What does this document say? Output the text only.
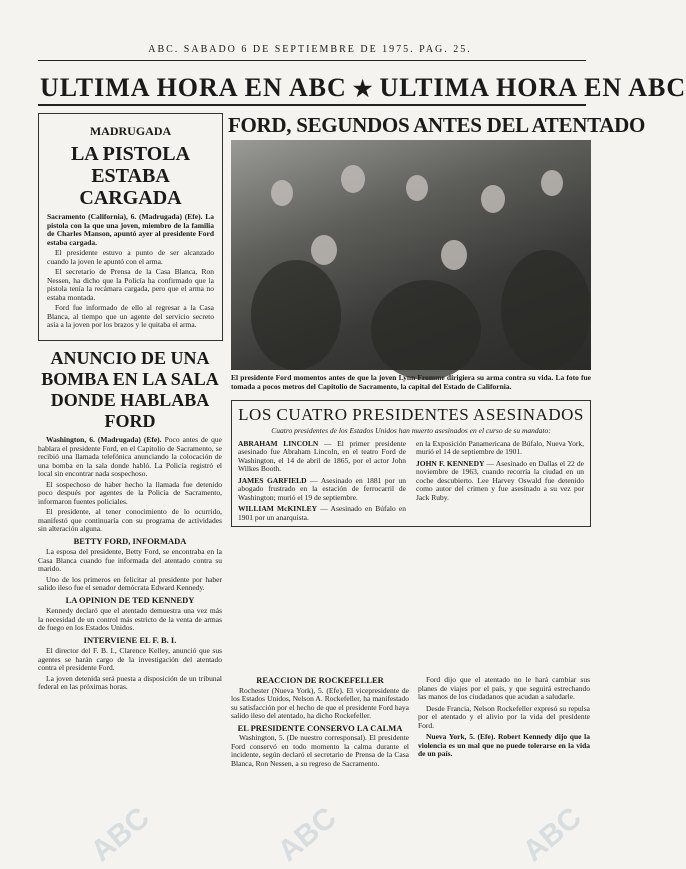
ABC. SABADO 6 DE SEPTIEMBRE DE 1975. PAG. 25.
ULTIMA HORA EN ABC ★ ULTIMA HORA EN ABC
MADRUGADA
LA PISTOLA ESTABA CARGADA

Sacramento (California), 6. (Madrugada) (Efe). La pistola con la que una joven, miembro de la familia de Charles Manson, apuntó ayer al presidente Ford estaba cargada.

El presidente estuvo a punto de ser alcanzado cuando la joven le apuntó con el arma.

El secretario de Prensa de la Casa Blanca, Ron Nessen, ha dicho que la Policía ha confirmado que la pistola tenía la recámara cargada, pero que el arma no estaba montada.

Ford fue informado de ello al regresar a la Casa Blanca, al tiempo que un agente del servicio secreto asía a la joven por los brazos y le quitaba el arma.

ANUNCIO DE UNA BOMBA EN LA SALA DONDE HABLABA FORD

Washington, 6. (Madrugada) (Efe). Poco antes de que hablara el presidente Ford, en el Capitolio de Sacramento, se recibió una llamada telefónica anunciando la colocación de una bomba en la sala donde habló. La Policía registró el local sin encontrar nada sospechoso.

El sospechoso de haber hecho la llamada fue detenido poco después por agentes de la Policía de Sacramento, informaron fuentes policiales.

El presidente, al tener conocimiento de lo ocurrido, manifestó que continuaría con su programa de actividades sin alteración alguna.

BETTY FORD, INFORMADA

La esposa del presidente, Betty Ford, se encontraba en la Casa Blanca cuando fue informada del atentado contra su marido.

Uno de los primeros en felicitar al presidente por haber salido ileso fue el senador demócrata Edward Kennedy.

LA OPINION DE TED KENNEDY

Kennedy declaró que el atentado demuestra una vez más la necesidad de un control más estricto de la venta de armas de fuego en los Estados Unidos.

INTERVIENE EL F. B. I.

El director del F. B. I., Clarence Kelley, anunció que sus agentes se harán cargo de la investigación del atentado contra el presidente Ford.

La joven detenida será puesta a disposición de un tribunal federal en las próximas horas.

FORD, SEGUNDOS ANTES DEL ATENTADO
El presidente Ford momentos antes de que la joven Lynn Fromme dirigiera su arma contra su vida. La foto fue tomada a pocos metros del Capitolio de Sacramento, la capital del Estado de California.
LOS CUATRO PRESIDENTES ASESINADOS
Cuatro presidentes de los Estados Unidos han muerto asesinados en el curso de su mandato:

ABRAHAM LINCOLN — El primer presidente asesinado fue Abraham Lincoln, en el teatro Ford de Washington, el 14 de abril de 1865, por el actor John Wilkes Booth.

JAMES GARFIELD — Asesinado en 1881 por un abogado frustrado en la estación de ferrocarril de Washington; murió el 19 de septiembre.

WILLIAM McKINLEY — Asesinado en Búfalo en 1901 por un anarquista.

en la Exposición Panamericana de Búfalo, Nueva York, murió el 14 de septiembre de 1901.

JOHN F. KENNEDY — Asesinado en Dallas el 22 de noviembre de 1963, cuando recorría la ciudad en un coche descubierto. Lee Harvey Oswald fue detenido como autor del crimen y fue asesinado a su vez por Jack Ruby.

REACCION DE ROCKEFELLER

Rochester (Nueva York), 5. (Efe). El vicepresidente de los Estados Unidos, Nelson A. Rockefeller, ha manifestado su satisfacción por el hecho de que el presidente Ford haya salido ileso del atentado, ha dicho Rockefeller.

EL PRESIDENTE CONSERVO LA CALMA

Washington, 5. (De nuestro corresponsal). El presidente Ford conservó en todo momento la calma durante el incidente, según declaró el secretario de Prensa de la Casa Blanca, Ron Nessen, a su regreso de Sacramento.

Ford dijo que el atentado no le hará cambiar sus planes de viajes por el país, y que seguirá estrechando las manos de los ciudadanos que acudan a saludarle.

Desde Francia, Nelson Rockefeller expresó su repulsa por el atentado y el alivio por la vida del presidente Ford.

Nueva York, 5. (Efe). Robert Kennedy dijo que la violencia es un mal que no puede tolerarse en la vida de un país.

ABC	ABC	ABC
